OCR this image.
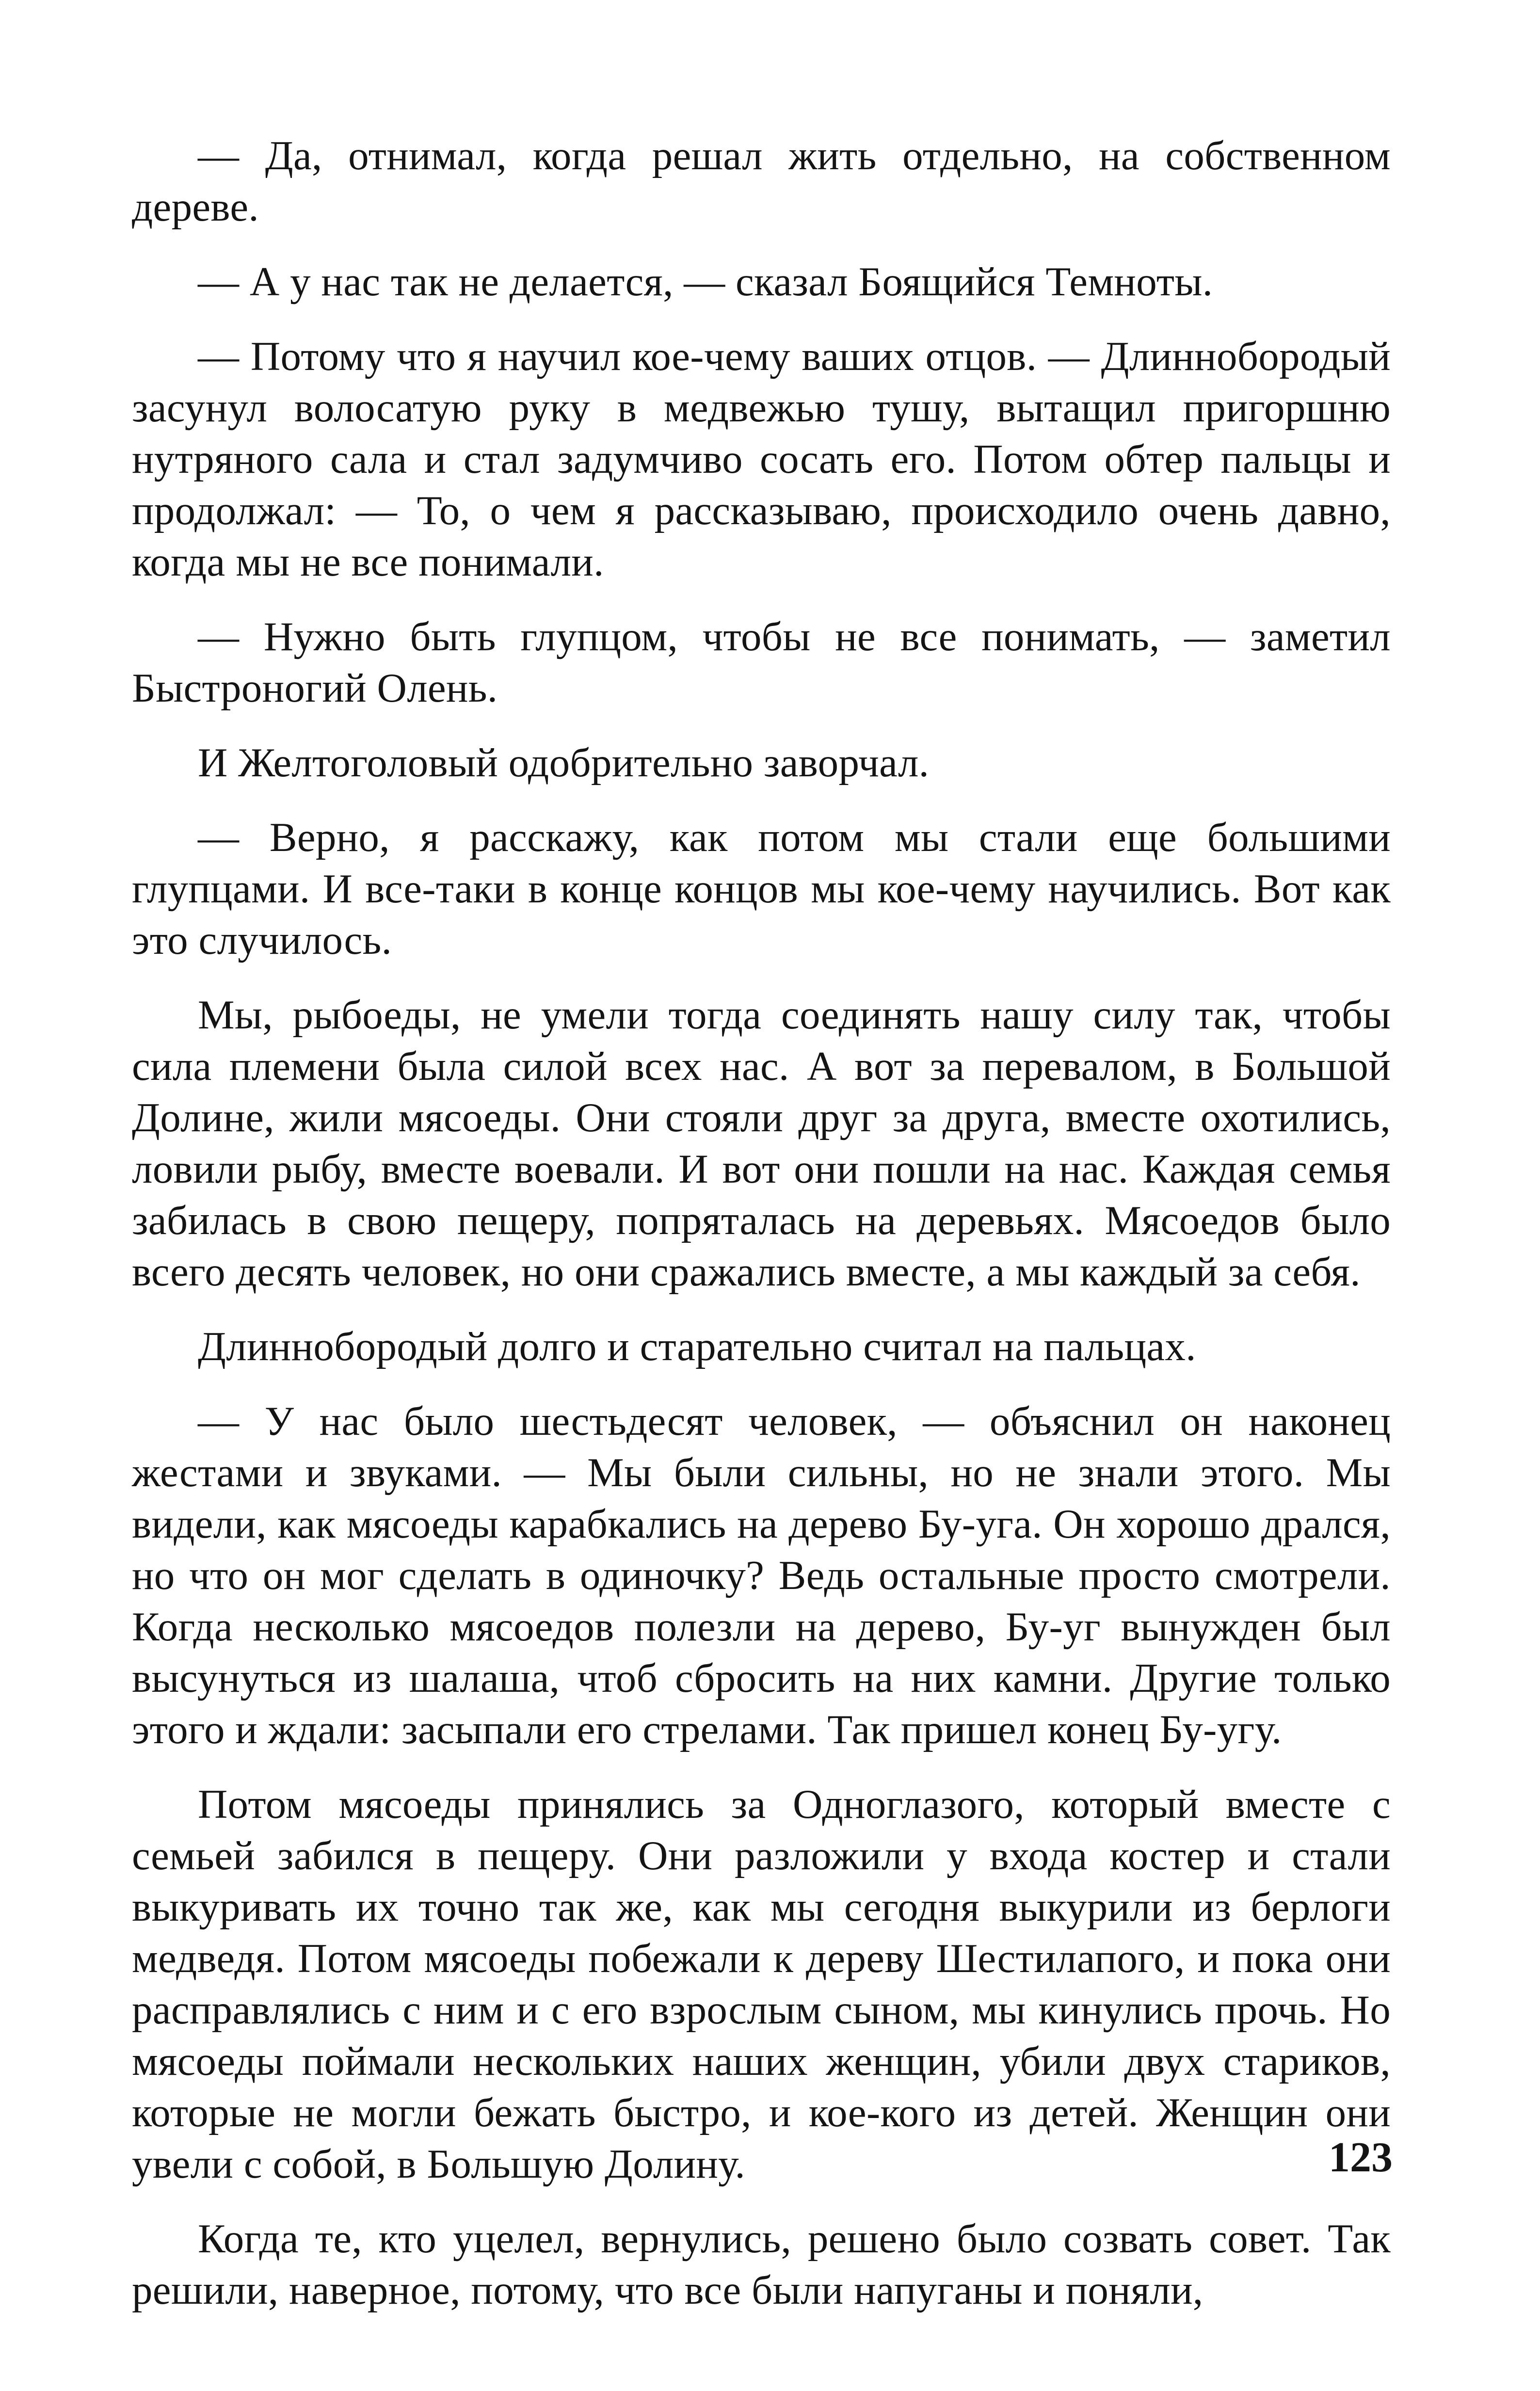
— Да, отнимал, когда решал жить отдельно, на собственном дереве.

— А у нас так не делается, — сказал Боящийся Темноты.

— Потому что я научил кое-чему ваших отцов. — Длиннобородый засунул волосатую руку в медвежью тушу, вытащил пригоршню нутряного сала и стал задумчиво сосать его. Потом обтер пальцы и продолжал: — То, о чем я рассказываю, происходило очень давно, когда мы не все понимали.

— Нужно быть глупцом, чтобы не все понимать, — заметил Быстроногий Олень.

И Желтоголовый одобрительно заворчал.

— Верно, я расскажу, как потом мы стали еще большими глупцами. И все-таки в конце концов мы кое-чему научились. Вот как это случилось.

Мы, рыбоеды, не умели тогда соединять нашу силу так, чтобы сила племени была силой всех нас. А вот за перевалом, в Большой Долине, жили мясоеды. Они стояли друг за друга, вместе охотились, ловили рыбу, вместе воевали. И вот они пошли на нас. Каждая семья забилась в свою пещеру, попряталась на деревьях. Мясоедов было всего десять человек, но они сражались вместе, а мы каждый за себя.

Длиннобородый долго и старательно считал на пальцах.

— У нас было шестьдесят человек, — объяснил он наконец жестами и звуками. — Мы были сильны, но не знали этого. Мы видели, как мясоеды карабкались на дерево Бу-уга. Он хорошо дрался, но что он мог сделать в одиночку? Ведь остальные просто смотрели. Когда несколько мясоедов полезли на дерево, Бу-уг вынужден был высунуться из шалаша, чтоб сбросить на них камни. Другие только этого и ждали: засыпали его стрелами. Так пришел конец Бу-угу.

Потом мясоеды принялись за Одноглазого, который вместе с семьей забился в пещеру. Они разложили у входа костер и стали выкуривать их точно так же, как мы сегодня выкурили из берлоги медведя. Потом мясоеды побежали к дереву Шестилапого, и пока они расправлялись с ним и с его взрослым сыном, мы кинулись прочь. Но мясоеды поймали нескольких наших женщин, убили двух стариков, которые не могли бежать быстро, и кое-кого из детей. Женщин они увели с собой, в Большую Долину.

Когда те, кто уцелел, вернулись, решено было созвать совет. Так решили, наверное, потому, что все были напуганы и поняли,

123
